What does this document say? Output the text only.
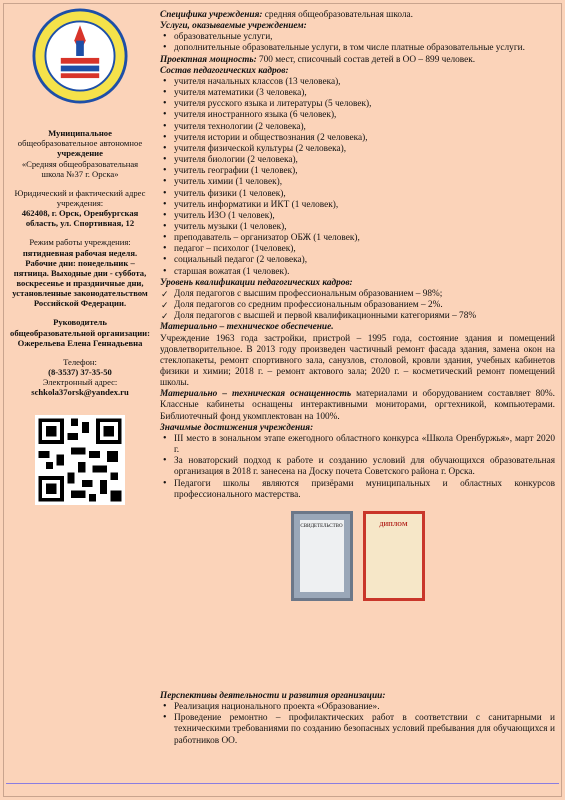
Муниципальное
общеобразовательное автономное
учреждение
«Средняя общеобразовательная школа №37 г. Орска»
Юридический и фактический адрес учреждения:
462408, г. Орск, Оренбургская область, ул. Спортивная, 12
Режим работы учреждения:
пятидневная рабочая неделя. Рабочие дни: понедельник – пятница. Выходные дни - суббота, воскресенье и праздничные дни, установленные законодательством Российской Федерации.
Руководитель общеобразовательной организации:
Ожерельева Елена Геннадьевна
Телефон:
(8-3537) 37-35-50
Электронный адрес:
schkola37orsk@yandex.ru
Специфика учреждения: средняя общеобразовательная школа.
Услуги, оказываемые учреждением:
• образовательные услуги,
• дополнительные образовательные услуги, в том числе платные образовательные услуги.
Проектная мощность: 700 мест, списочный состав детей в ОО – 899 человек.
Состав педагогических кадров:
• учителя начальных классов (13 человека),
• учителя математики (3 человека),
• учителя русского языка и литературы (5 человек),
• учителя иностранного языка (6 человек),
• учителя технологии (2 человека),
• учителя истории и обществознания (2 человека),
• учителя физической культуры (2 человека),
• учителя биологии (2 человека),
• учитель географии (1 человек),
• учитель химии (1 человек),
• учитель физики (1 человек),
• учитель информатики и ИКТ (1 человек),
• учитель ИЗО (1 человек),
• учитель музыки (1 человек),
• преподаватель – организатор ОБЖ (1 человек),
• педагог – психолог (1человек),
• социальный педагог (2 человека),
• старшая вожатая (1 человек).
Уровень квалификации педагогических кадров:
✓ Доля педагогов с высшим профессиональным образованием – 98%;
✓ Доля педагогов со средним профессиональным образованием – 2%.
✓ Доля педагогов с высшей и первой квалификационными категориями – 78%
Материально – техническое обеспечение.
Учреждение 1963 года застройки, пристрой – 1995 года, состояние здания и помещений удовлетворительное. В 2013 году произведен частичный ремонт фасада здания, замена окон на стеклопакеты, ремонт спортивного зала, санузлов, столовой, кровли здания, учебных кабинетов физики и химии; 2018 г. – ремонт актового зала; 2020 г. – косметический ремонт помещений школы.
Материально – техническая оснащенность материалами и оборудованием составляет 80%. Классные кабинеты оснащены интерактивными мониторами, оргтехникой, компьютерами. Библиотечный фонд укомплектован на 100%.
Значимые достижения учреждения:
• III место в зональном этапе ежегодного областного конкурса «Школа Оренбуржья», март 2020 г.
• За новаторский подход к работе и созданию условий для обучающихся образовательная организация в 2018 г. занесена на Доску почета Советского района г. Орска.
• Педагоги школы являются призёрами муниципальных и областных конкурсов профессионального мастерства.
СВИДЕТЕЛЬСТВО	ДИПЛОМ
Перспективы деятельности и развития организации:
• Реализация национального проекта «Образование».
• Проведение ремонтно – профилактических работ в соответствии с санитарными и техническими требованиями по созданию безопасных условий пребывания для обучающихся и работников ОО.
